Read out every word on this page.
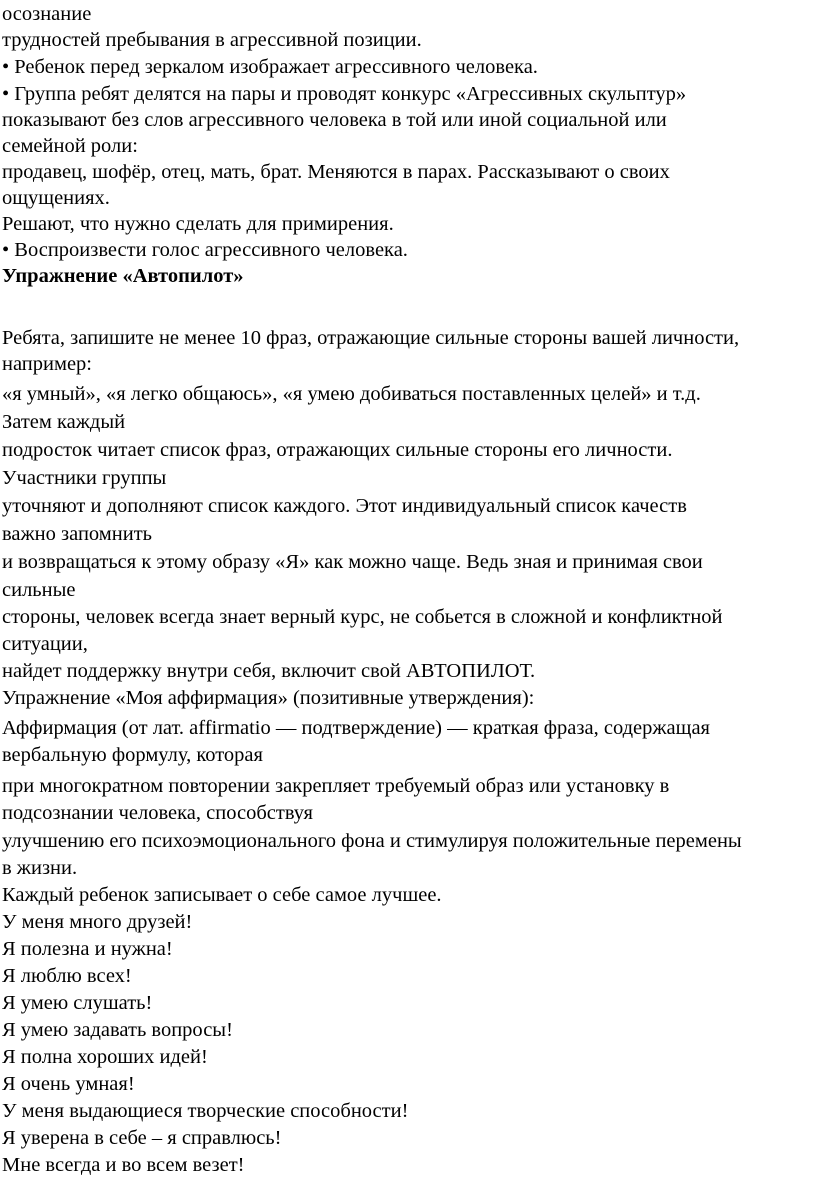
осознание
трудностей пребывания в агрессивной позиции.
• Ребенок перед зеркалом изображает агрессивного человека.
• Группа ребят делятся на пары и проводят конкурс «Агрессивных скульптур»
показывают без слов агрессивного человека в той или иной социальной или
семейной роли:
продавец, шофёр, отец, мать, брат. Меняются в парах. Рассказывают о своих
ощущениях.
Решают, что нужно сделать для примирения.
• Воспроизвести голос агрессивного человека.
Упражнение «Автопилот»
Ребята, запишите не менее 10 фраз, отражающие сильные стороны вашей личности,
например:
«я умный», «я легко общаюсь», «я умею добиваться поставленных целей» и т.д.
Затем каждый
подросток читает список фраз, отражающих сильные стороны его личности.
Участники группы
уточняют и дополняют список каждого. Этот индивидуальный список качеств
важно запомнить
и возвращаться к этому образу «Я» как можно чаще. Ведь зная и принимая свои
сильные
стороны, человек всегда знает верный курс, не собьется в сложной и конфликтной
ситуации,
найдет поддержку внутри себя, включит свой АВТОПИЛОТ.
Упражнение «Моя аффирмация» (позитивные утверждения):
Аффирмация (от лат. affirmatio — подтверждение) — краткая фраза, содержащая
вербальную формулу, которая
при многократном повторении закрепляет требуемый образ или установку в
подсознании человека, способствуя
улучшению его психоэмоционального фона и стимулируя положительные перемены
в жизни.
Каждый ребенок записывает о себе самое лучшее.
У меня много друзей!
Я полезна и нужна!
Я люблю всех!
Я умею слушать!
Я умею задавать вопросы!
Я полна хороших идей!
Я очень умная!
У меня выдающиеся творческие способности!
Я уверена в себе – я справлюсь!
Мне всегда и во всем везет!
